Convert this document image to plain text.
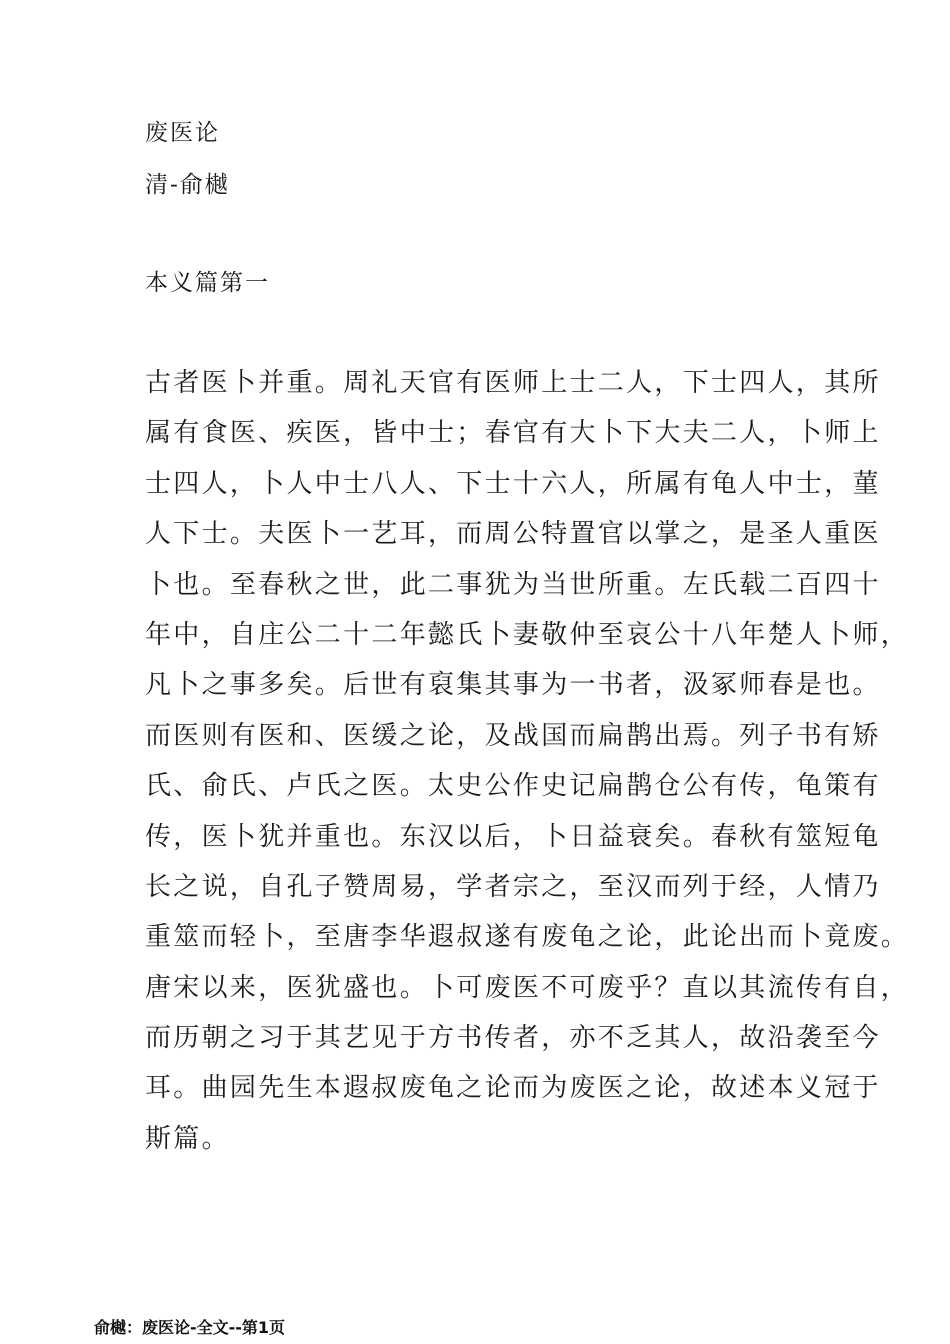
废医论
清-俞樾
本义篇第一
古者医卜并重。周礼天官有医师上士二人，下士四人，其所
属有食医、疾医，皆中士；春官有大卜下大夫二人，卜师上
士四人，卜人中士八人、下士十六人，所属有龟人中士，菫
人下士。夫医卜一艺耳，而周公特置官以掌之，是圣人重医
卜也。至春秋之世，此二事犹为当世所重。左氏载二百四十
年中，自庄公二十二年懿氏卜妻敬仲至哀公十八年楚人卜师，
凡卜之事多矣。后世有裒集其事为一书者，汲冢师春是也。
而医则有医和、医缓之论，及战国而扁鹊出焉。列子书有矫
氏、俞氏、卢氏之医。太史公作史记扁鹊仓公有传，龟策有
传，医卜犹并重也。东汉以后，卜日益衰矣。春秋有筮短龟
长之说，自孔子赞周易，学者宗之，至汉而列于经，人情乃
重筮而轻卜，至唐李华遐叔遂有废龟之论，此论出而卜竟废。
唐宋以来，医犹盛也。卜可废医不可废乎？直以其流传有自，
而历朝之习于其艺见于方书传者，亦不乏其人，故沿袭至今
耳。曲园先生本遐叔废龟之论而为废医之论，故述本义冠于
斯篇。
俞樾：废医论-全文--第1页
